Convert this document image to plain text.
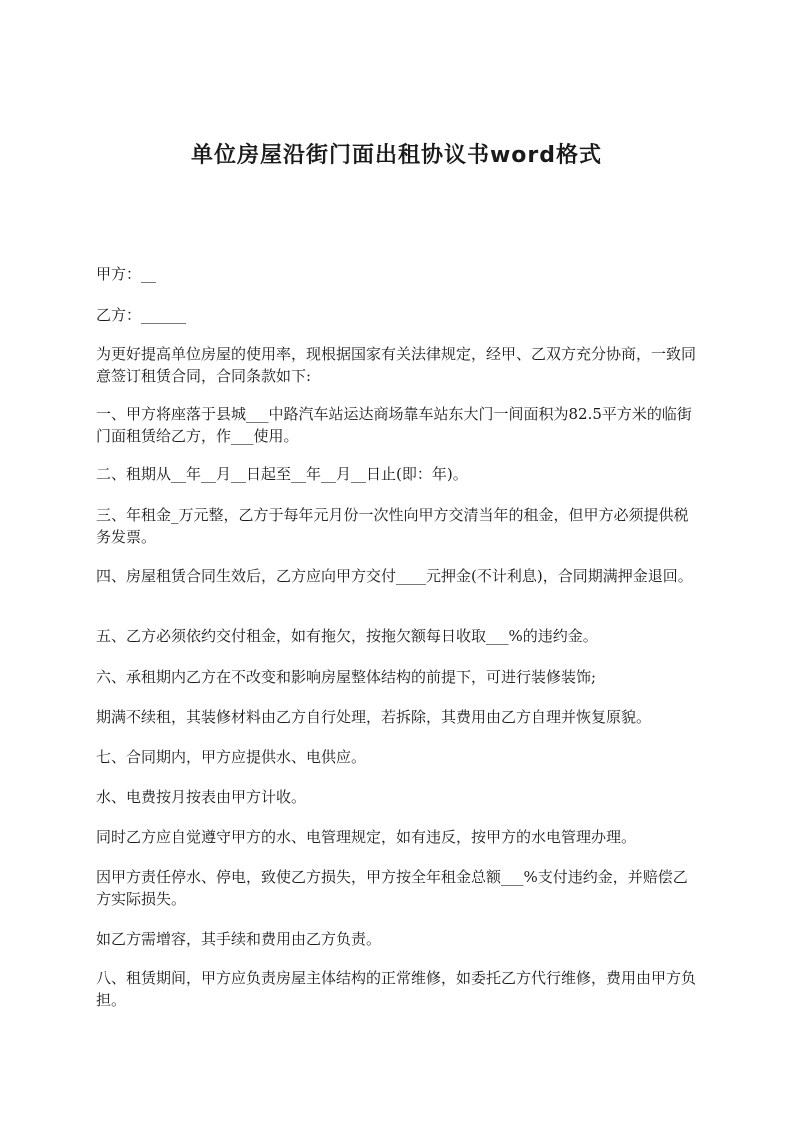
单位房屋沿街门面出租协议书word格式

甲方：__

乙方：______

为更好提高单位房屋的使用率，现根据国家有关法律规定，经甲、乙双方充分协商，一致同意签订租赁合同，合同条款如下:

一、甲方将座落于县城___中路汽车站运达商场靠车站东大门一间面积为82.5平方米的临街门面租赁给乙方，作___使用。

二、租期从__年__月__日起至__年__月__日止(即：年)。

三、年租金_万元整，乙方于每年元月份一次性向甲方交清当年的租金，但甲方必须提供税务发票。

四、房屋租赁合同生效后，乙方应向甲方交付____元押金(不计利息)，合同期满押金退回。

五、乙方必须依约交付租金，如有拖欠，按拖欠额每日收取___%的违约金。

六、承租期内乙方在不改变和影响房屋整体结构的前提下，可进行装修装饰;

期满不续租，其装修材料由乙方自行处理，若拆除，其费用由乙方自理并恢复原貌。

七、合同期内，甲方应提供水、电供应。

水、电费按月按表由甲方计收。

同时乙方应自觉遵守甲方的水、电管理规定，如有违反，按甲方的水电管理办理。

因甲方责任停水、停电，致使乙方损失，甲方按全年租金总额___%支付违约金，并赔偿乙方实际损失。

如乙方需增容，其手续和费用由乙方负责。

八、租赁期间，甲方应负责房屋主体结构的正常维修，如委托乙方代行维修，费用由甲方负担。
